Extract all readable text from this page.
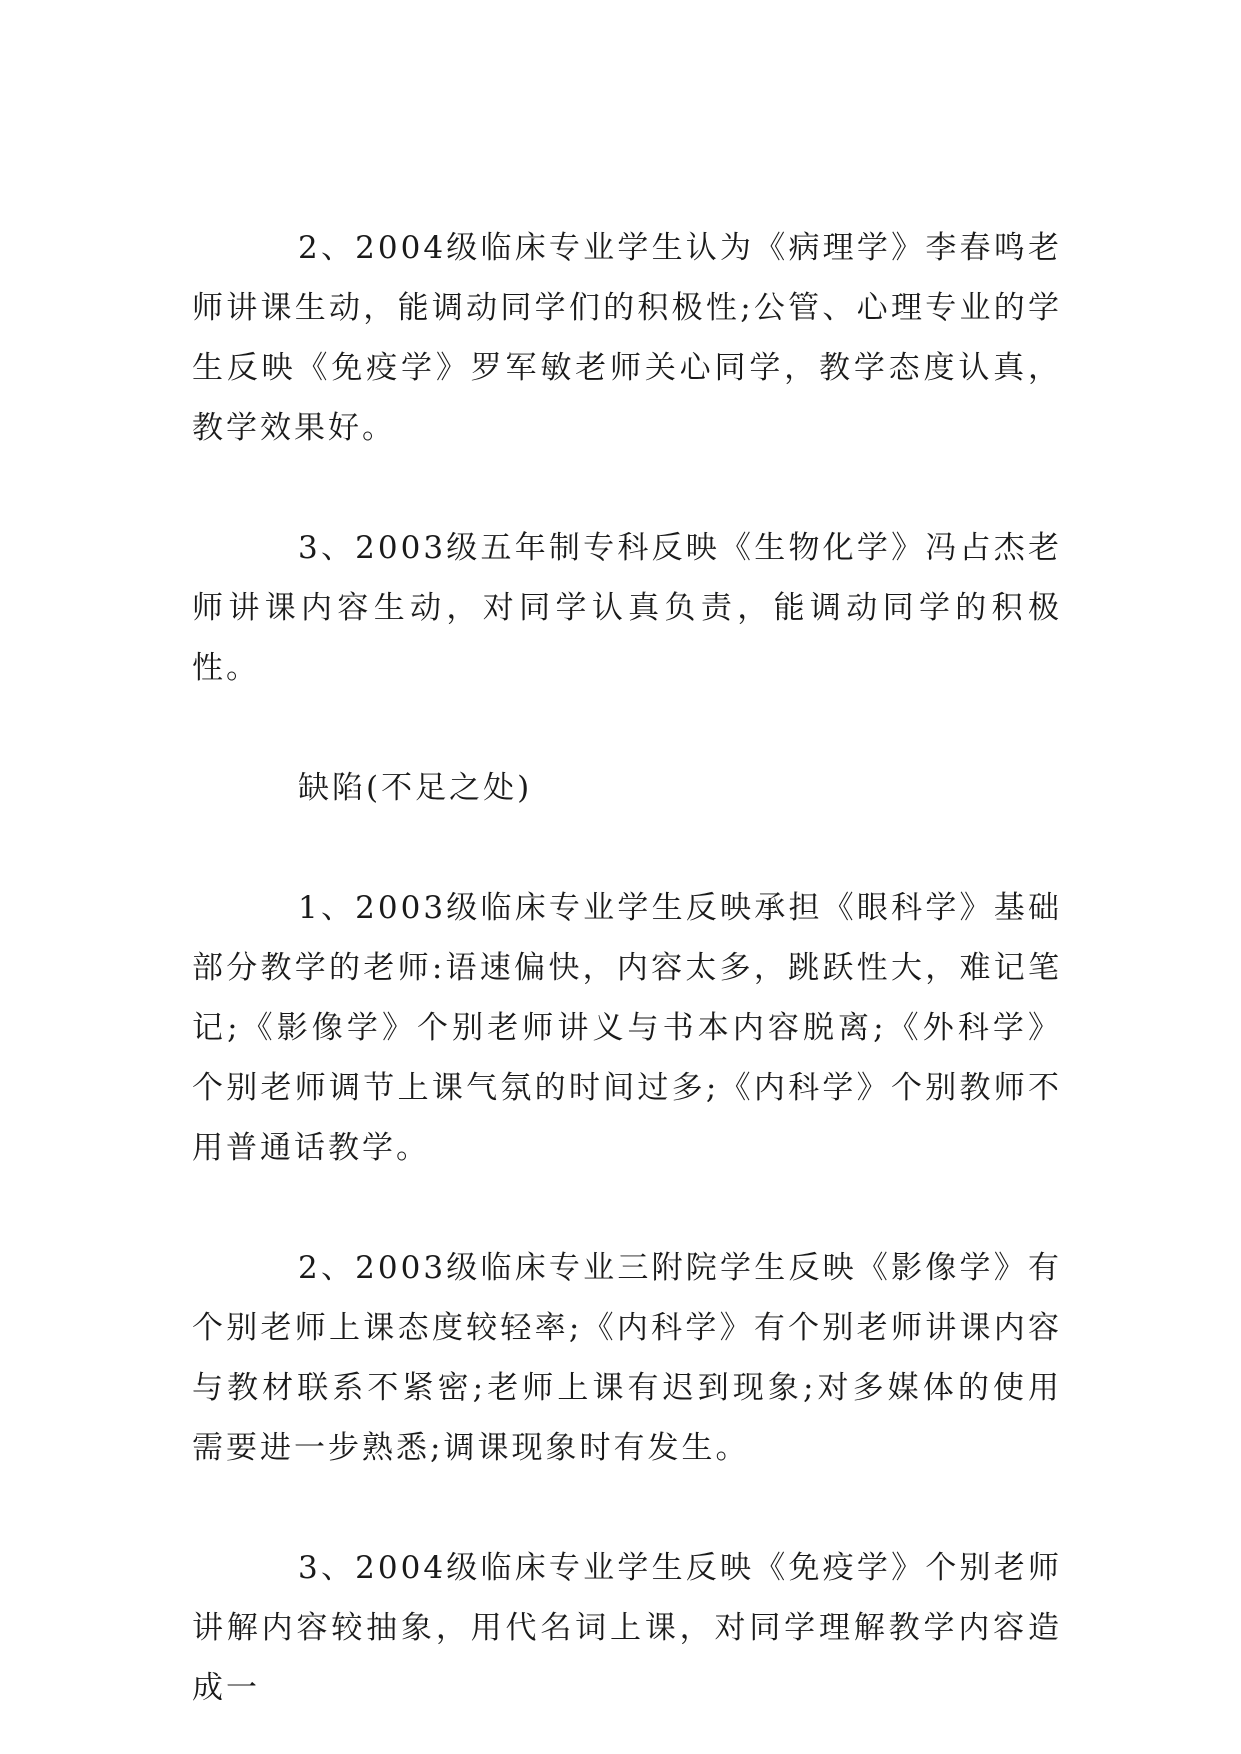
2、2004级临床专业学生认为《病理学》李春鸣老师讲课生动，能调动同学们的积极性;公管、心理专业的学生反映《免疫学》罗军敏老师关心同学，教学态度认真，教学效果好。

3、2003级五年制专科反映《生物化学》冯占杰老师讲课内容生动，对同学认真负责，能调动同学的积极性。

缺陷(不足之处)

1、2003级临床专业学生反映承担《眼科学》基础部分教学的老师:语速偏快，内容太多，跳跃性大，难记笔记;《影像学》个别老师讲义与书本内容脱离;《外科学》个别老师调节上课气氛的时间过多;《内科学》个别教师不用普通话教学。

2、2003级临床专业三附院学生反映《影像学》有个别老师上课态度较轻率;《内科学》有个别老师讲课内容与教材联系不紧密;老师上课有迟到现象;对多媒体的使用需要进一步熟悉;调课现象时有发生。

3、2004级临床专业学生反映《免疫学》个别老师讲解内容较抽象，用代名词上课，对同学理解教学内容造成一
